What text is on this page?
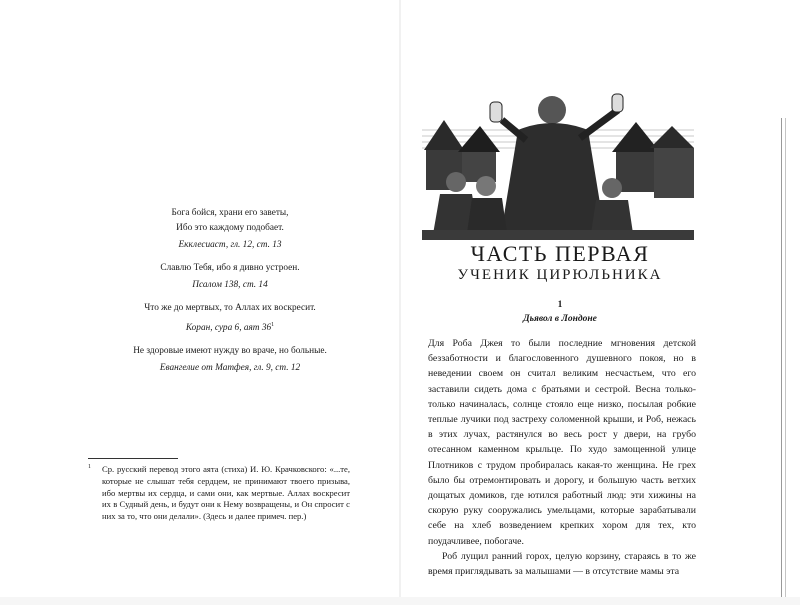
Бога бойся, храни его заветы,
Ибо это каждому подобает.
Екклесиаст, гл. 12, ст. 13
Славлю Тебя, ибо я дивно устроен.
Псалом 138, ст. 14
Что же до мертвых, то Аллах их воскресит.
Коран, сура 6, аят $36^1$
Не здоровые имеют нужду во враче, но больные.
Евангелие от Матфея, гл. 9, ст. 12
1	Ср. русский перевод этого аята (стиха) И. Ю. Крачковского: «...те, которые не слышат тебя сердцем, не принимают твоего призыва, ибо мертвы их сердца, и сами они, как мертвые. Аллах воскресит их в Судный день, и будут они к Нему возвращены, и Он спросит с них за то, что они делали». (Здесь и далее примеч. пер.)
ЧАСТЬ ПЕРВАЯ
УЧЕНИК ЦИРЮЛЬНИКА
1
Дьявол в Лондоне

Для Роба Джея то были последние мгновения детской беззаботности и благословенного душевного покоя, но в неведении своем он считал великим несчастьем, что его заставили сидеть дома с братьями и сестрой. Весна только-только начиналась, солнце стояло еще низко, посылая робкие теплые лучики под застреху соломенной крыши, и Роб, нежась в этих лучах, растянулся во весь рост у двери, на грубо отесанном каменном крыльце. По худо замощенной улице Плотников с трудом пробиралась какая-то женщина. Не грех было бы отремонтировать и дорогу, и большую часть ветхих дощатых домиков, где ютился работный люд: эти хижины на скорую руку сооружались умельцами, которые зарабатывали себе на хлеб возведением крепких хором для тех, кто поудачливее, побогаче.

Роб лущил ранний горох, целую корзину, стараясь в то же время приглядывать за малышами — в отсутствие мамы эта
